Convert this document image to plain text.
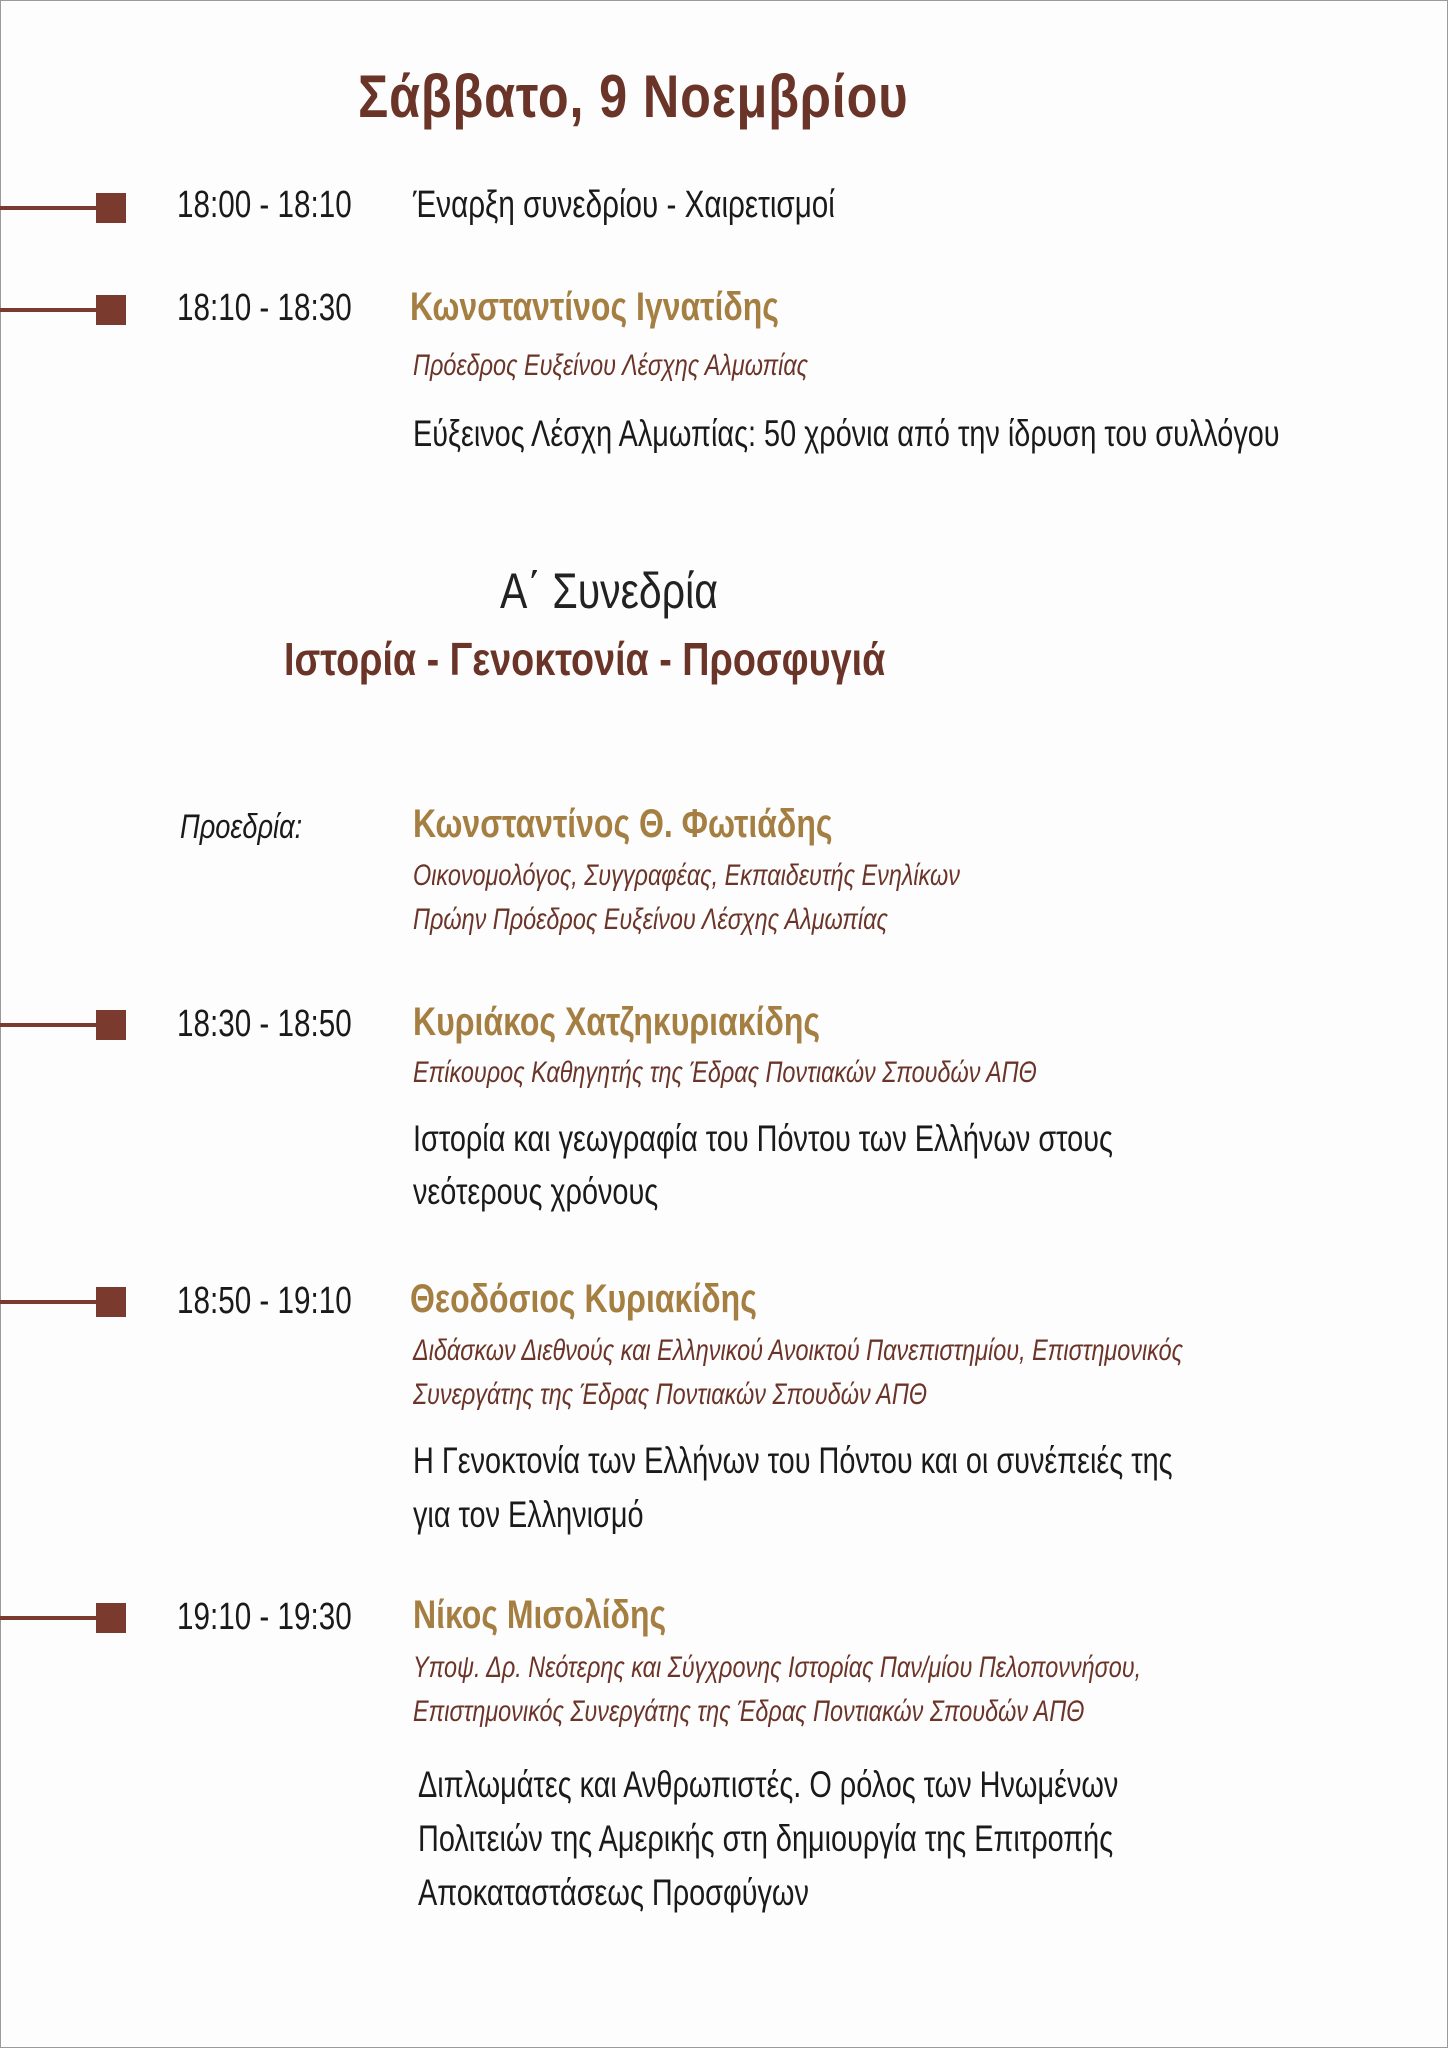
Σάββατο, 9 Νοεμβρίου
18:00 - 18:10 Έναρξη συνεδρίου - Χαιρετισμοί
18:10 - 18:30 Κωνσταντίνος Ιγνατίδης
Πρόεδρος Ευξείνου Λέσχης Αλμωπίας
Εύξεινος Λέσχη Αλμωπίας: 50 χρόνια από την ίδρυση του συλλόγου
Α΄ Συνεδρία
Ιστορία - Γενοκτονία - Προσφυγιά
Προεδρία:	Κωνσταντίνος Θ. Φωτιάδης
Οικονομολόγος, Συγγραφέας, Εκπαιδευτής Ενηλίκων
Πρώην Πρόεδρος Ευξείνου Λέσχης Αλμωπίας
18:30 - 18:50 Κυριάκος Χατζηκυριακίδης
Επίκουρος Καθηγητής της Έδρας Ποντιακών Σπουδών ΑΠΘ
Ιστορία και γεωγραφία του Πόντου των Ελλήνων στους
νεότερους χρόνους
18:50 - 19:10 Θεοδόσιος Κυριακίδης
Διδάσκων Διεθνούς και Ελληνικού Ανοικτού Πανεπιστημίου, Επιστημονικός
Συνεργάτης της Έδρας Ποντιακών Σπουδών ΑΠΘ
Η Γενοκτονία των Ελλήνων του Πόντου και οι συνέπειές της
για τον Ελληνισμό
19:10 - 19:30 Νίκος Μισολίδης
Υποψ. Δρ. Νεότερης και Σύγχρονης Ιστορίας Παν/μίου Πελοποννήσου,
Επιστημονικός Συνεργάτης της Έδρας Ποντιακών Σπουδών ΑΠΘ
Διπλωμάτες και Ανθρωπιστές. Ο ρόλος των Ηνωμένων
Πολιτειών της Αμερικής στη δημιουργία της Επιτροπής
Αποκαταστάσεως Προσφύγων
